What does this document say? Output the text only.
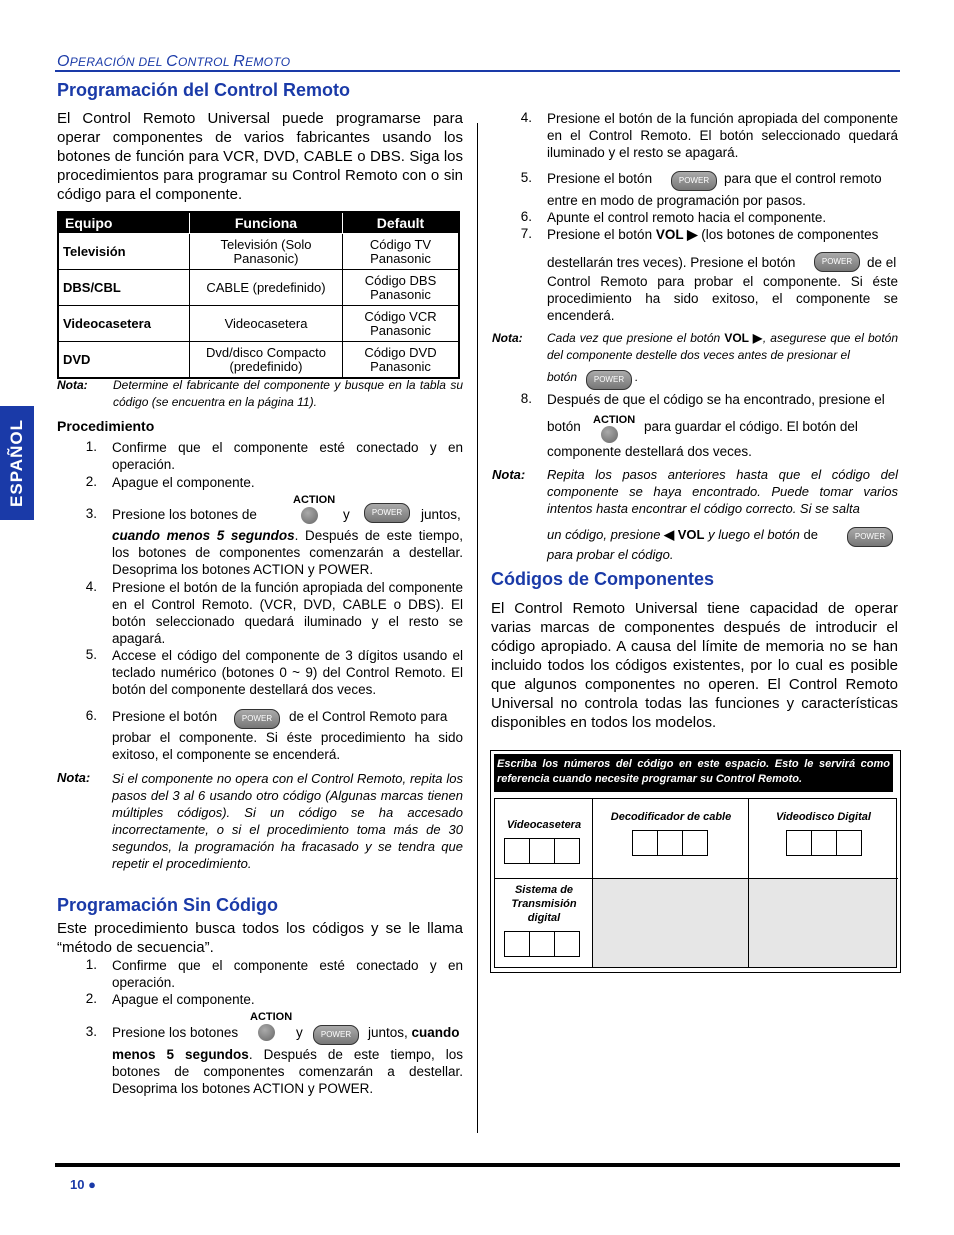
OPERACIÓN DEL CONTROL REMOTO
ESPAÑOL
Programación del Control Remoto
El Control Remoto Universal puede programarse para operar componentes de varios fabricantes usando los botones de función para VCR, DVD, CABLE o DBS. Siga los procedimientos para programar su Control Remoto con o sin código para el componente.
Equipo	Funciona	Default
Televisión	Televisión (Solo Panasonic)	Código TV Panasonic
DBS/CBL	CABLE (predefinido)	Código DBS Panasonic
Videocasetera	Videocasetera	Código VCR Panasonic
DVD	Dvd/disco Compacto (predefinido)	Código DVD Panasonic
Nota: Determine el fabricante del componente y busque en la tabla su código (se encuentra en la página 11).
Procedimiento
1. Confirme que el componente esté conectado y en operación.
2. Apague el componente.
ACTION
3. Presione los botones de	y	POWER	juntos,
cuando menos 5 segundos. Después de este tiempo, los botones de componentes comenzarán a destellar. Desoprima los botones ACTION y POWER.
4. Presione el botón de la función apropiada del componente en el Control Remoto. (VCR, DVD, CABLE o DBS). El botón seleccionado quedará iluminado y el resto se apagará.
5. Accese el código del componente de 3 dígitos usando el teclado numérico (botones 0 ~ 9) del Control Remoto. El botón del componente destellará dos veces.
6. Presione el botón	POWER	de el Control Remoto para
probar el componente. Si éste procedimiento ha sido exitoso, el componente se encenderá.
Nota: Si el componente no opera con el Control Remoto, repita los pasos del 3 al 6 usando otro código (Algunas marcas tienen múltiples códigos). Si un código se ha accesado incorrectamente, o si el procedimiento toma más de 30 segundos, la programación ha fracasado y se tendra que repetir el procedimiento.
Programación Sin Código
Este procedimiento busca todos los códigos y se le llama “método de secuencia”.
1. Confirme que el componente esté conectado y en operación.
2. Apague el componente.
ACTION
3. Presione los botones	y	POWER	juntos, cuando
menos 5 segundos. Después de este tiempo, los botones de componentes comenzarán a destellar. Desoprima los botones ACTION y POWER.
4. Presione el botón de la función apropiada del componente en el Control Remoto. El botón seleccionado quedará iluminado y el resto se apagará.
5. Presione el botón	POWER	para que el control remoto
entre en modo de programación por pasos.
6. Apunte el control remoto hacia el componente.
7. Presione el botón VOL ▶ (los botones de componentes
destellarán tres veces). Presione el botón	POWER	de el
Control Remoto para probar el componente. Si éste procedimiento ha sido exitoso, el componente se encenderá.
Nota: Cada vez que presione el botón VOL ▶, asegurese que el botón del componente destelle dos veces antes de presionar el
botón	POWER .
8. Después de que el código se ha encontrado, presione el
ACTION
botón	para guardar el código. El botón del
componente destellará dos veces.
Nota: Repita los pasos anteriores hasta que el código del componente se haya encontrado. Puede tomar varios intentos hasta encontrar el código correcto. Si se salta
un código, presione ◀ VOL y luego el botón de	POWER
para probar el código.
Códigos de Componentes
El Control Remoto Universal tiene capacidad de operar varias marcas de componentes después de introducir el código apropiado. A causa del límite de memoria no se han incluido todos los códigos existentes, por lo cual es posible que algunos componentes no operen. El Control Remoto Universal no controla todas las funciones y características disponibles en todos los modelos.
Escriba los números del código en este espacio. Esto le servirá como referencia cuando necesite programar su Control Remoto.
Videocasetera
Decodificador de cable	Videodisco Digital
Sistema de Transmisión digital
10 ●
